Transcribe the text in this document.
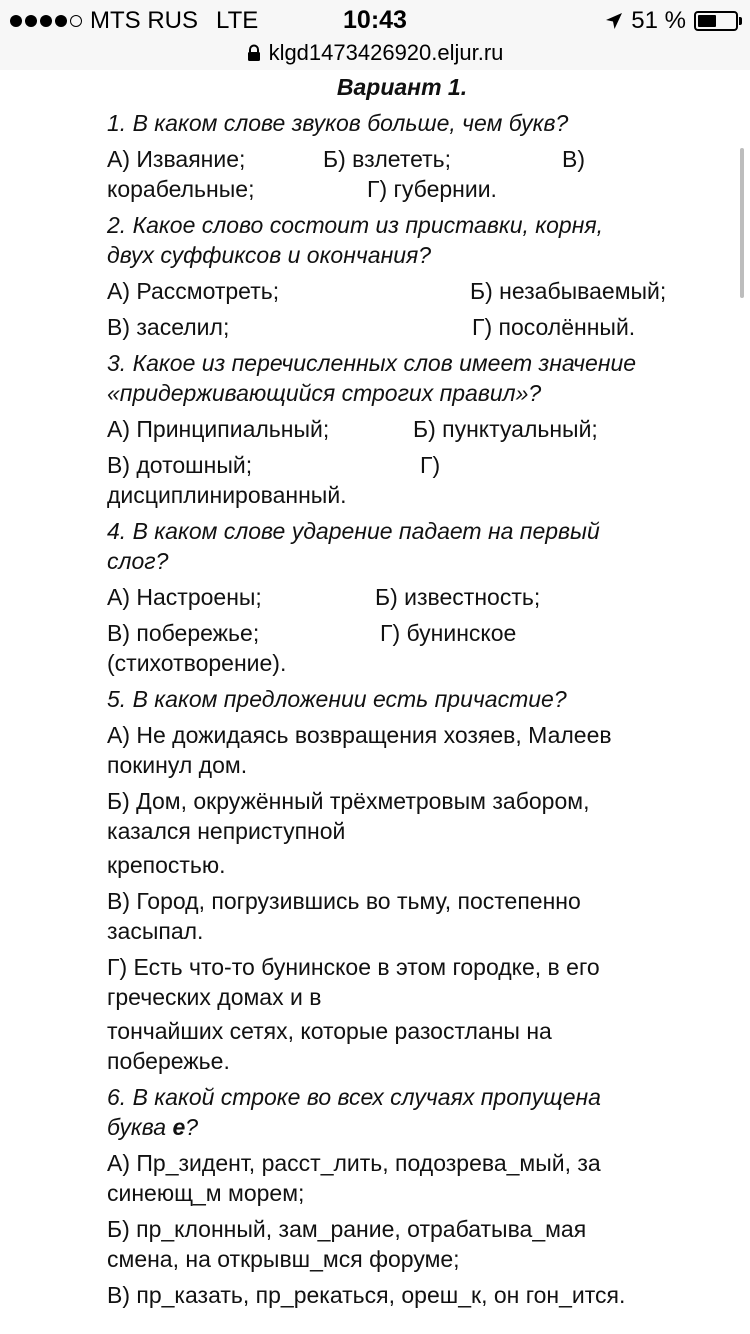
MTS RUS LTE	10:43	51 %
klgd1473426920.eljur.ru
Вариант 1.
1. В каком слове звуков больше, чем букв?
А) Изваяние;	Б) взлететь;	В)
корабельные;	Г) губернии.
2. Какое слово состоит из приставки, корня,
двух суффиксов и окончания?
А) Рассмотреть;	Б) незабываемый;
В) заселил;	Г) посолённый.
3. Какое из перечисленных слов имеет значение
«придерживающийся строгих правил»?
А) Принципиальный;	Б) пунктуальный;
В) дотошный;	Г)
дисциплинированный.
4. В каком слове ударение падает на первый
слог?
А) Настроены;	Б) известность;
В) побережье;	Г) бунинское
(стихотворение).
5. В каком предложении есть причастие?
А) Не дожидаясь возвращения хозяев, Малеев
покинул дом.
Б) Дом, окружённый трёхметровым забором,
казался неприступной
крепостью.
В) Город, погрузившись во тьму, постепенно
засыпал.
Г) Есть что-то бунинское в этом городке, в его
греческих домах и в
тончайших сетях, которые разостланы на
побережье.
6. В какой строке во всех случаях пропущена
буква е?
А) Пр_зидент, расст_лить, подозрева_мый, за
синеющ_м морем;
Б) пр_клонный, зам_рание, отрабатыва_мая
смена, на открывш_мся форуме;
В) пр_казать, пр_рекаться, ореш_к, он гон_ится.
